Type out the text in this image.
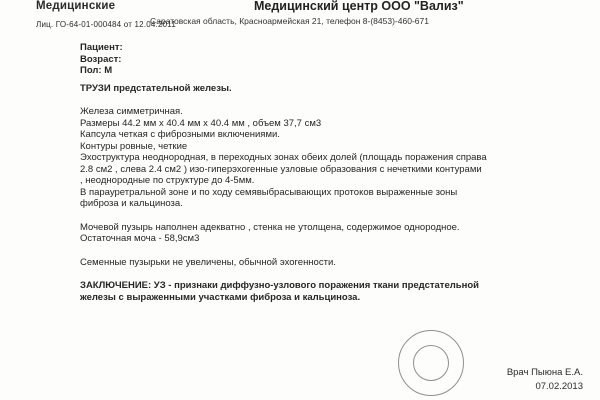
Медицинскиe
Лиц. ГО-64-01-000484 от 12.04.2011
Медицинский центр ООО "Вализ"
Саратовская область, Красноармейская 21, телефон 8-(8453)-460-671
Пациент:
Возраст:
Пол: М
ТРУЗИ предстательной железы.
Железа симметричная.
Размеры 44.2 мм x 40.4 мм x 40.4 мм , объем 37,7 см3
Капсула четкая с фиброзными включениями.
Контуры ровные, четкие
Эхоструктура неоднородная, в переходных зонах обеих долей (площадь поражения справа
2.8 см2 , слева 2.4 см2 ) изо-гиперэхогенные узловые образования с нечеткими контурами
, неоднородные по структуре до 4-5мм.
В парауретральной зоне и по ходу семявыбрасывающих протоков выраженные зоны
фиброза и кальциноза.
Мочевой пузырь наполнен адекватно , стенка не утолщена, содержимое однородное.
Остаточная моча - 58,9см3
Семенные пузырьки не увеличены, обычной эхогенности.
ЗАКЛЮЧЕНИЕ: УЗ - признаки диффузно-узлового поражения ткани предстательной
железы с выраженными участками фиброза и кальциноза.
Врач Пыюна Е.А.
07.02.2013
